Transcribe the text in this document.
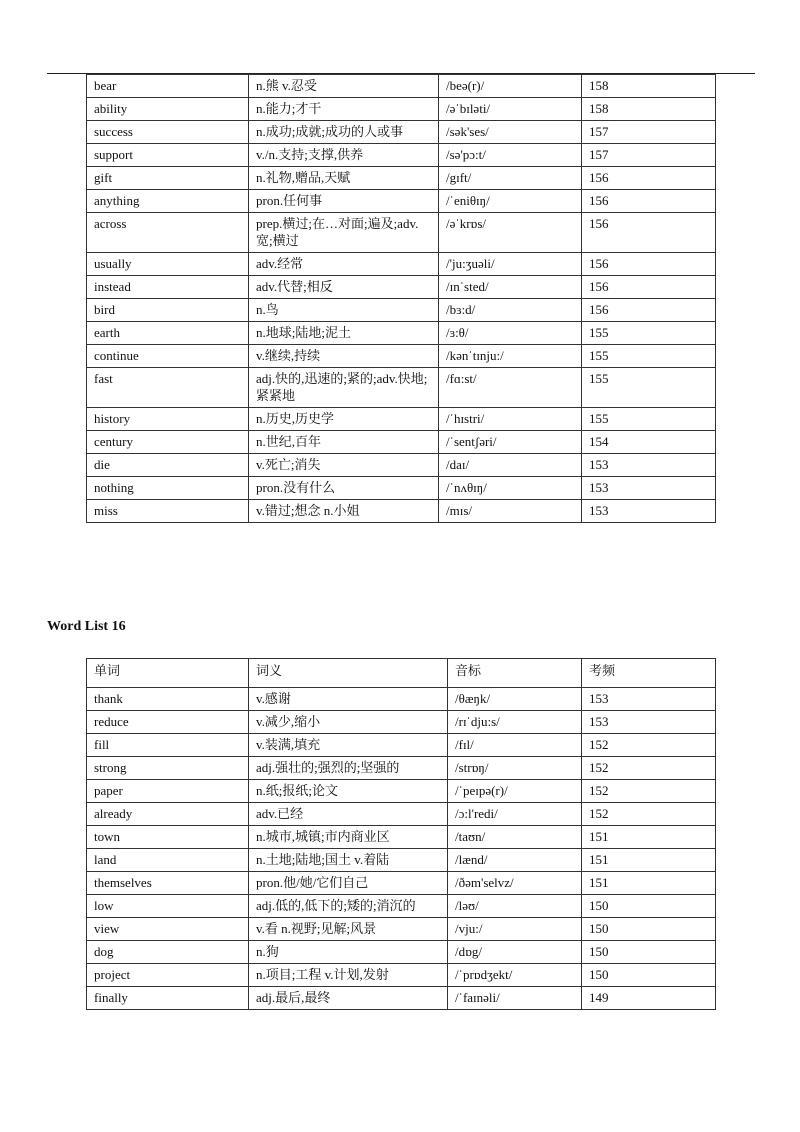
bear	n.熊 v.忍受	/beə(r)/	158
ability	n.能力;才干	/əˈbɪləti/	158
success	n.成功;成就;成功的人或事	/sək'ses/	157
support	v./n.支持;支撑,供养	/sə'pɔ:t/	157
gift	n.礼物,赠品,天赋	/gɪft/	156
anything	pron.任何事	/ˈeniθɪŋ/	156
across	prep.横过;在…对面;遍及;adv.宽;横过	/əˈkrɒs/	156
usually	adv.经常	/'ju:ʒuəli/	156
instead	adv.代替;相反	/ɪnˈsted/	156
bird	n.鸟	/bɜ:d/	156
earth	n.地球;陆地;泥土	/ɜ:θ/	155
continue	v.继续,持续	/kənˈtɪnju:/	155
fast	adj.快的,迅速的;紧的;adv.快地;紧紧地	/fɑ:st/	155
history	n.历史,历史学	/ˈhɪstri/	155
century	n.世纪,百年	/ˈsentʃəri/	154
die	v.死亡;消失	/daɪ/	153
nothing	pron.没有什么	/ˈnʌθɪŋ/	153
miss	v.错过;想念 n.小姐	/mɪs/	153
Word List 16
单词	词义	音标	考频
thank	v.感谢	/θæŋk/	153
reduce	v.减少,缩小	/rɪˈdju:s/	153
fill	v.装满,填充	/fɪl/	152
strong	adj.强壮的;强烈的;坚强的	/strɒŋ/	152
paper	n.纸;报纸;论文	/ˈpeɪpə(r)/	152
already	adv.已经	/ɔ:l'redi/	152
town	n.城市,城镇;市内商业区	/taʊn/	151
land	n.土地;陆地;国土 v.着陆	/lænd/	151
themselves	pron.他/她/它们自己	/ðəm'selvz/	151
low	adj.低的,低下的;矮的;消沉的	/ləʊ/	150
view	v.看 n.视野;见解;风景	/vju:/	150
dog	n.狗	/dɒg/	150
project	n.项目;工程 v.计划,发射	/ˈprɒdʒekt/	150
finally	adj.最后,最终	/ˈfaɪnəli/	149
